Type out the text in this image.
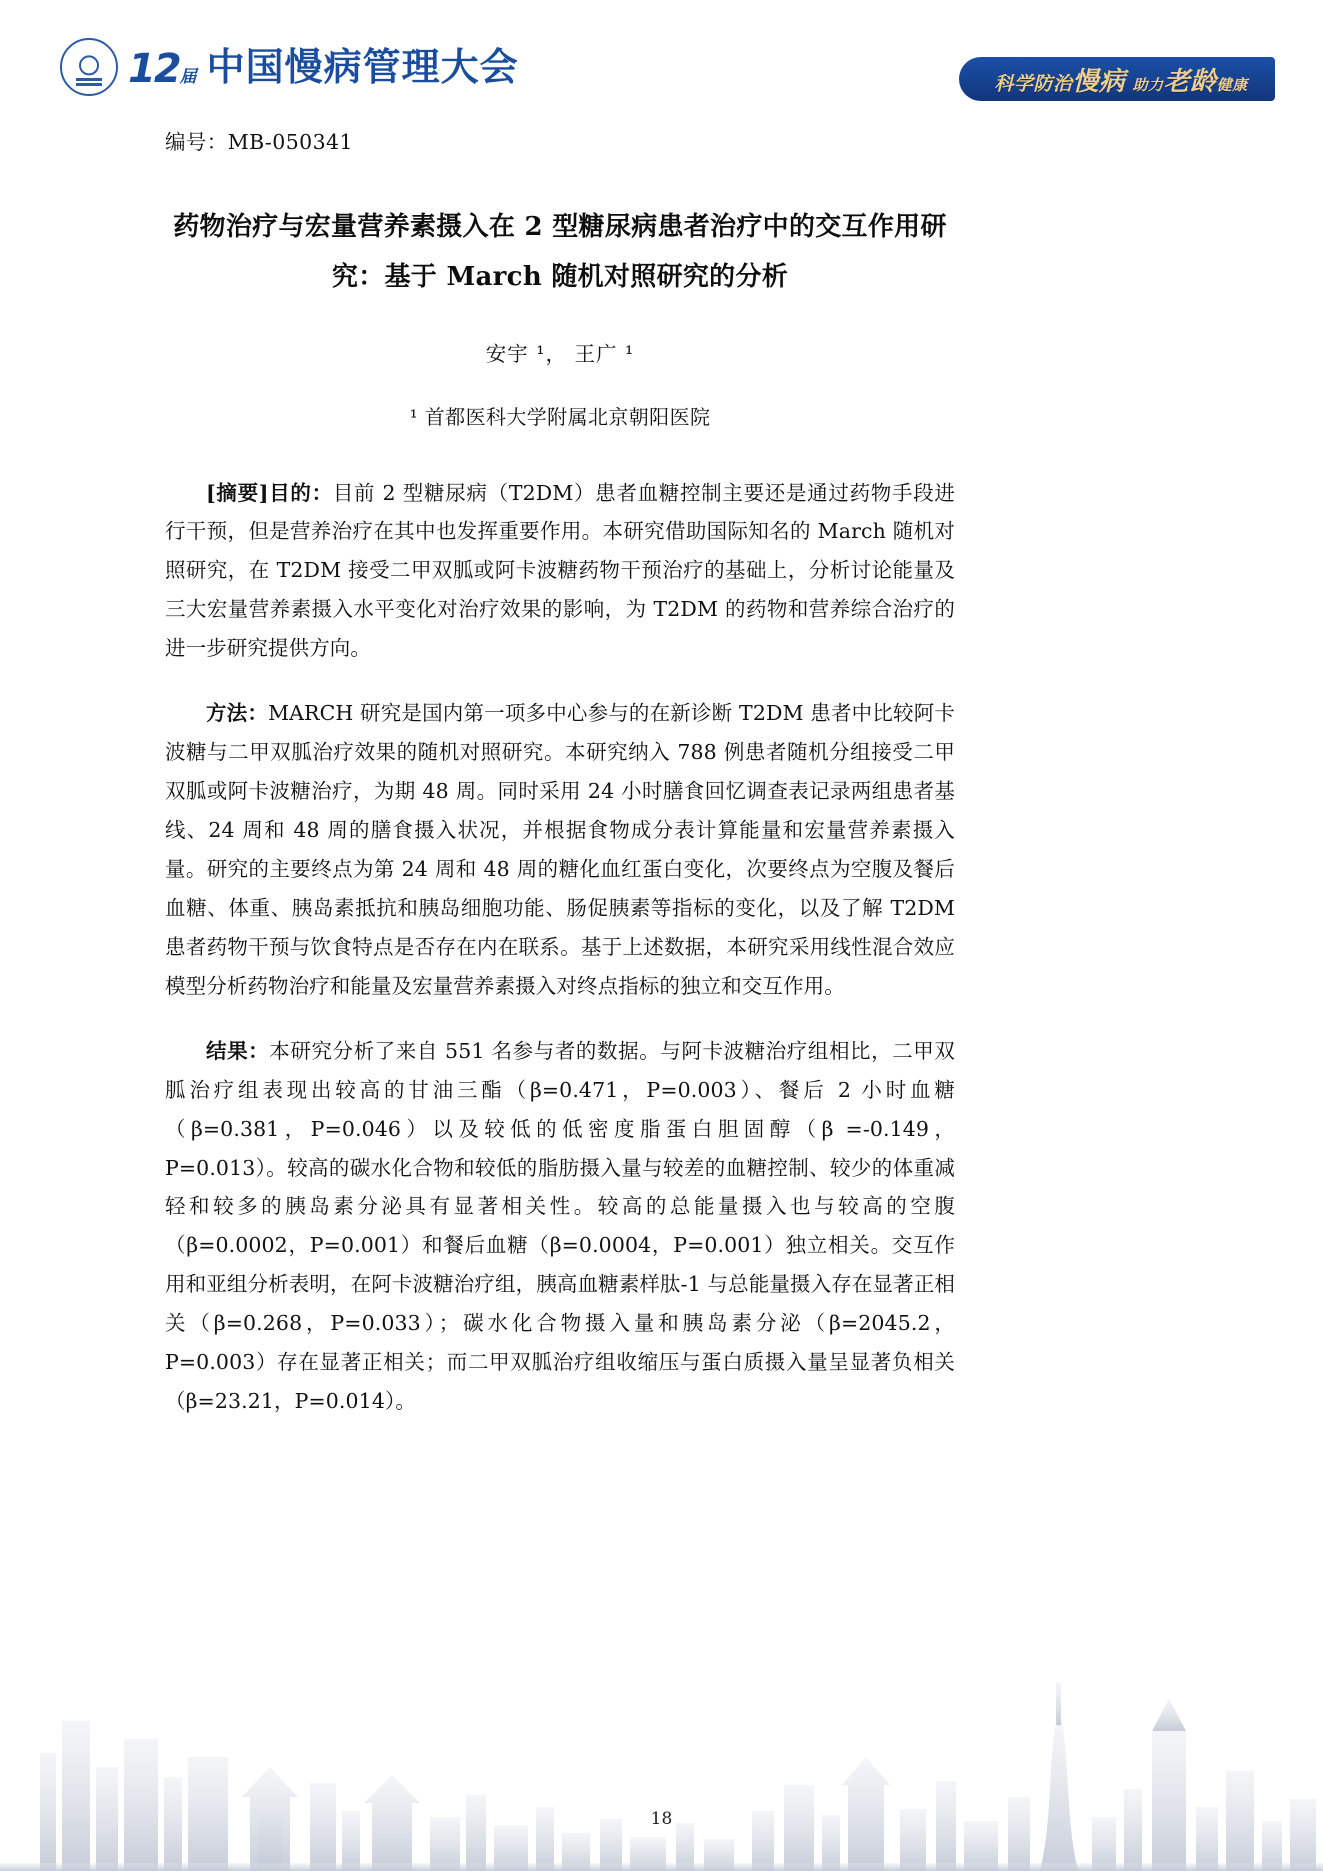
12届 中国慢病管理大会	科学防治慢病 助力老龄健康
编号：MB-050341
药物治疗与宏量营养素摄入在 2 型糖尿病患者治疗中的交互作用研究：基于 March 随机对照研究的分析
安宇 ¹， 王广 ¹
¹ 首都医科大学附属北京朝阳医院

[摘要]目的：目前 2 型糖尿病（T2DM）患者血糖控制主要还是通过药物手段进行干预，但是营养治疗在其中也发挥重要作用。本研究借助国际知名的 March 随机对照研究，在 T2DM 接受二甲双胍或阿卡波糖药物干预治疗的基础上，分析讨论能量及三大宏量营养素摄入水平变化对治疗效果的影响，为 T2DM 的药物和营养综合治疗的进一步研究提供方向。

方法：MARCH 研究是国内第一项多中心参与的在新诊断 T2DM 患者中比较阿卡波糖与二甲双胍治疗效果的随机对照研究。本研究纳入 788 例患者随机分组接受二甲双胍或阿卡波糖治疗，为期 48 周。同时采用 24 小时膳食回忆调查表记录两组患者基线、24 周和 48 周的膳食摄入状况，并根据食物成分表计算能量和宏量营养素摄入量。研究的主要终点为第 24 周和 48 周的糖化血红蛋白变化，次要终点为空腹及餐后血糖、体重、胰岛素抵抗和胰岛细胞功能、肠促胰素等指标的变化，以及了解 T2DM 患者药物干预与饮食特点是否存在内在联系。基于上述数据，本研究采用线性混合效应模型分析药物治疗和能量及宏量营养素摄入对终点指标的独立和交互作用。

结果：本研究分析了来自 551 名参与者的数据。与阿卡波糖治疗组相比，二甲双胍治疗组表现出较高的甘油三酯（β=0.471，P=0.003）、餐后 2 小时血糖（β=0.381，P=0.046）以及较低的低密度脂蛋白胆固醇（β =-0.149，P=0.013）。较高的碳水化合物和较低的脂肪摄入量与较差的血糖控制、较少的体重减轻和较多的胰岛素分泌具有显著相关性。较高的总能量摄入也与较高的空腹（β=0.0002，P=0.001）和餐后血糖（β=0.0004，P=0.001）独立相关。交互作用和亚组分析表明，在阿卡波糖治疗组，胰高血糖素样肽-1 与总能量摄入存在显著正相关（β=0.268，P=0.033）；碳水化合物摄入量和胰岛素分泌（β=2045.2，P=0.003）存在显著正相关；而二甲双胍治疗组收缩压与蛋白质摄入量呈显著负相关（β=23.21，P=0.014）。

18
